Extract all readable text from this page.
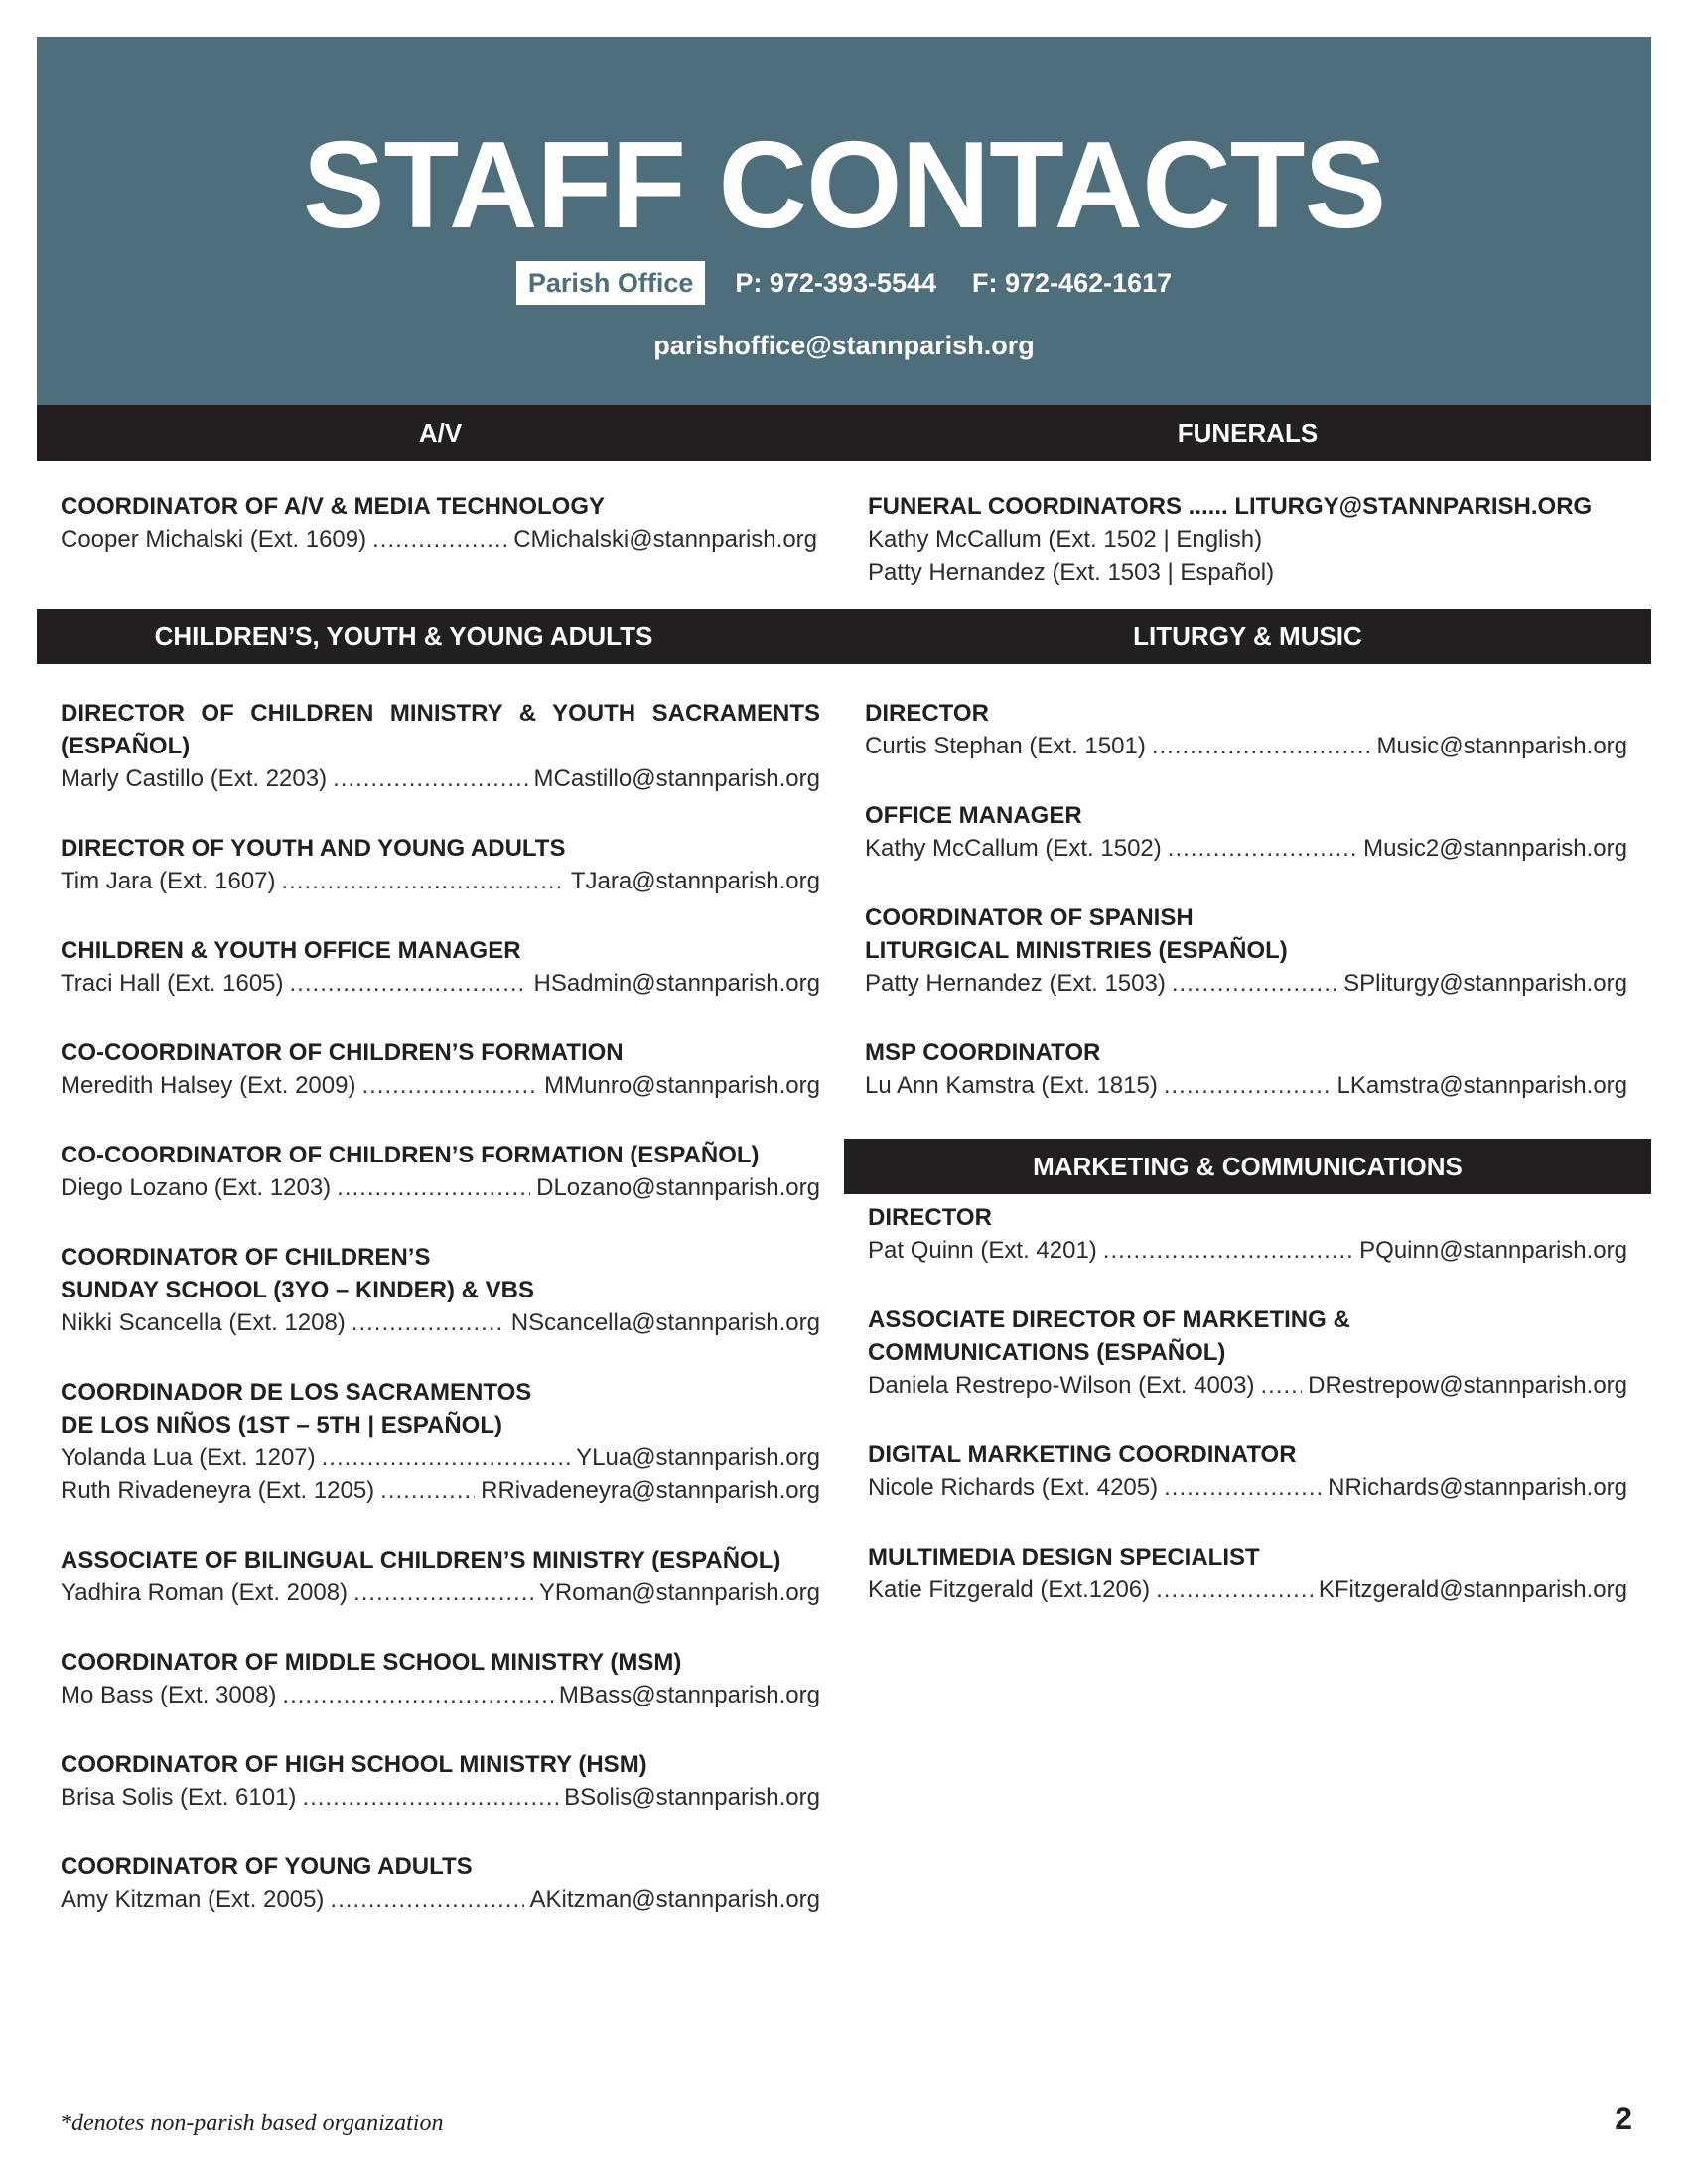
STAFF CONTACTS
Parish Office P: 972-393-5544 F: 972-462-1617
parishoffice@stannparish.org
A/V	FUNERALS
COORDINATOR OF A/V & MEDIA TECHNOLOGY
Cooper Michalski (Ext. 1609) .....	CMichalski@stannparish.org
FUNERAL COORDINATORS ...... LITURGY@STANNPARISH.ORG
Kathy McCallum (Ext. 1502 | English)
Patty Hernandez (Ext. 1503 | Español)
CHILDREN’S, YOUTH & YOUNG ADULTS	LITURGY & MUSIC
DIRECTOR OF CHILDREN MINISTRY & YOUTH SACRAMENTS (ESPAÑOL)
Marly Castillo (Ext. 2203) .....	MCastillo@stannparish.org
DIRECTOR OF YOUTH AND YOUNG ADULTS
Tim Jara (Ext. 1607) .....	TJara@stannparish.org
CHILDREN & YOUTH OFFICE MANAGER
Traci Hall (Ext. 1605) .....	HSadmin@stannparish.org
CO-COORDINATOR OF CHILDREN’S FORMATION
Meredith Halsey (Ext. 2009) .....	MMunro@stannparish.org
CO-COORDINATOR OF CHILDREN’S FORMATION (ESPAÑOL)
Diego Lozano (Ext. 1203) .....	DLozano@stannparish.org
COORDINATOR OF CHILDREN’S
SUNDAY SCHOOL (3YO – KINDER) & VBS
Nikki Scancella (Ext. 1208) .....	NScancella@stannparish.org
COORDINADOR DE LOS SACRAMENTOS
DE LOS NIÑOS (1ST – 5TH | ESPAÑOL)
Yolanda Lua (Ext. 1207) .....	YLua@stannparish.org
Ruth Rivadeneyra (Ext. 1205) .....	RRivadeneyra@stannparish.org
ASSOCIATE OF BILINGUAL CHILDREN’S MINISTRY (ESPAÑOL)
Yadhira Roman (Ext. 2008) .....	YRoman@stannparish.org
COORDINATOR OF MIDDLE SCHOOL MINISTRY (MSM)
Mo Bass (Ext. 3008) .....	MBass@stannparish.org
COORDINATOR OF HIGH SCHOOL MINISTRY (HSM)
Brisa Solis (Ext. 6101) .....	BSolis@stannparish.org
COORDINATOR OF YOUNG ADULTS
Amy Kitzman (Ext. 2005) .....	AKitzman@stannparish.org
DIRECTOR
Curtis Stephan (Ext. 1501) .....	Music@stannparish.org
OFFICE MANAGER
Kathy McCallum (Ext. 1502) .....	Music2@stannparish.org
COORDINATOR OF SPANISH
LITURGICAL MINISTRIES (ESPAÑOL)
Patty Hernandez (Ext. 1503) .....	SPliturgy@stannparish.org
MSP COORDINATOR
Lu Ann Kamstra (Ext. 1815) .....	LKamstra@stannparish.org
MARKETING & COMMUNICATIONS
DIRECTOR
Pat Quinn (Ext. 4201) .....	PQuinn@stannparish.org
ASSOCIATE DIRECTOR OF MARKETING &
COMMUNICATIONS (ESPAÑOL)
Daniela Restrepo-Wilson (Ext. 4003) ..... DRestrepow@stannparish.org
DIGITAL MARKETING COORDINATOR
Nicole Richards (Ext. 4205) .....	NRichards@stannparish.org
MULTIMEDIA DESIGN SPECIALIST
Katie Fitzgerald (Ext.1206) .....	KFitzgerald@stannparish.org
*denotes non-parish based organization	2
